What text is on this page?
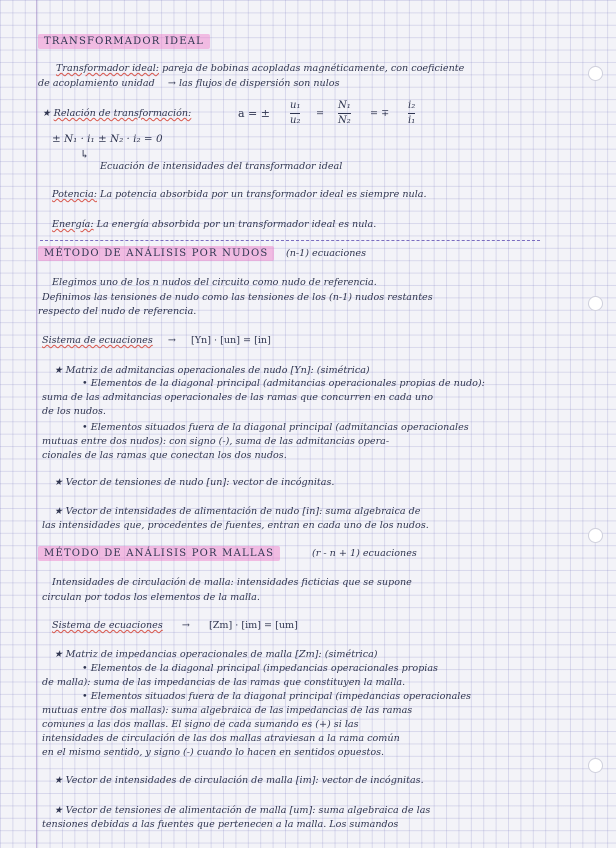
TRANSFORMADOR IDEAL
Transformador ideal: pareja de bobinas acopladas magnéticamente, con coeficiente
de acoplamiento unidad → las flujos de dispersión son nulos
★ Relación de transformación:	a = ±
u₁
u₂
=
N₁
N₂
= ∓
i₂
i₁
± N₁ · i₁ ± N₂ · i₂ = 0
↳
Ecuación de intensidades del transformador ideal
Potencia: La potencia absorbida por un transformador ideal es siempre nula.
Energía: La energía absorbida por un transformador ideal es nula.
MÉTODO DE ANÁLISIS POR NUDOS	(n-1) ecuaciones
Elegimos uno de los n nudos del circuito como nudo de referencia.
Definimos las tensiones de nudo como las tensiones de los (n-1) nudos restantes
respecto del nudo de referencia.
Sistema de ecuaciones → [Yn] · [un] = [in]
★ Matriz de admitancias operacionales de nudo [Yn]: (simétrica)
• Elementos de la diagonal principal (admitancias operacionales propias de nudo):
suma de las admitancias operacionales de las ramas que concurren en cada uno
de los nudos.
• Elementos situados fuera de la diagonal principal (admitancias operacionales
mutuas entre dos nudos): con signo (-), suma de las admitancias opera-
cionales de las ramas que conectan los dos nudos.
★ Vector de tensiones de nudo [un]: vector de incógnitas.
★ Vector de intensidades de alimentación de nudo [in]: suma algebraica de
las intensidades que, procedentes de fuentes, entran en cada uno de los nudos.
MÉTODO DE ANÁLISIS POR MALLAS	(r - n + 1) ecuaciones
Intensidades de circulación de malla: intensidades ficticias que se supone
circulan por todos los elementos de la malla.
Sistema de ecuaciones → [Zm] · [im] = [um]
★ Matriz de impedancias operacionales de malla [Zm]: (simétrica)
• Elementos de la diagonal principal (impedancias operacionales propias
de malla): suma de las impedancias de las ramas que constituyen la malla.
• Elementos situados fuera de la diagonal principal (impedancias operacionales
mutuas entre dos mallas): suma algebraica de las impedancias de las ramas
comunes a las dos mallas. El signo de cada sumando es (+) si las
intensidades de circulación de las dos mallas atraviesan a la rama común
en el mismo sentido, y signo (-) cuando lo hacen en sentidos opuestos.
★ Vector de intensidades de circulación de malla [im]: vector de incógnitas.
★ Vector de tensiones de alimentación de malla [um]: suma algebraica de las
tensiones debidas a las fuentes que pertenecen a la malla. Los sumandos
